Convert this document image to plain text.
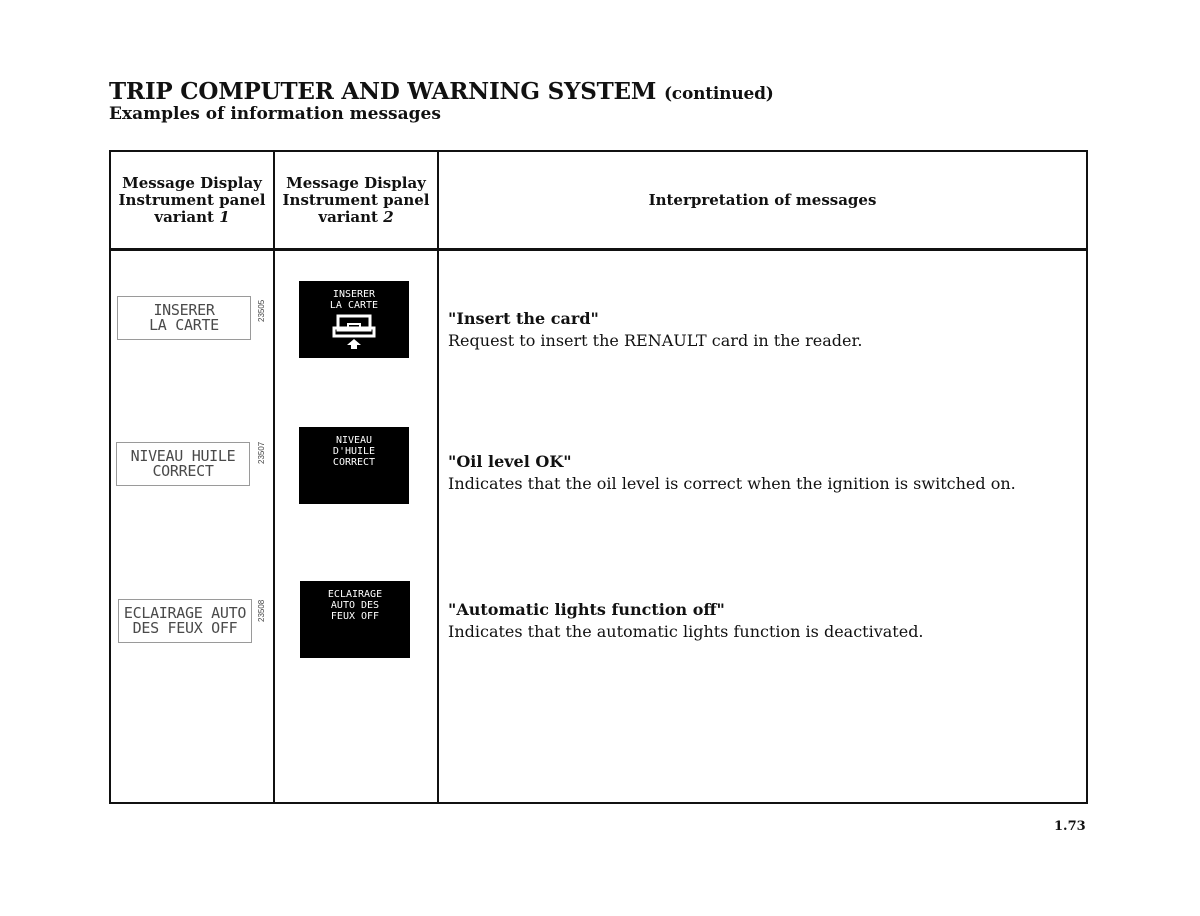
TRIP COMPUTER AND WARNING SYSTEM (continued)
Examples of information messages
Message Display
Instrument panel
variant 1
Message Display
Instrument panel
variant 2
Interpretation of messages
INSERER
LA CARTE
23505
INSERER
LA CARTE
"Insert the card"
Request to insert the RENAULT card in the reader.
NIVEAU HUILE
CORRECT
23507
NIVEAU
D'HUILE
CORRECT	"Oil level OK"
Indicates that the oil level is correct when the ignition is switched on.
ECLAIRAGE AUTO
DES FEUX OFF
23508
ECLAIRAGE
AUTO DES
FEUX OFF	"Automatic lights function off"
Indicates that the automatic lights function is deactivated.
1.73
